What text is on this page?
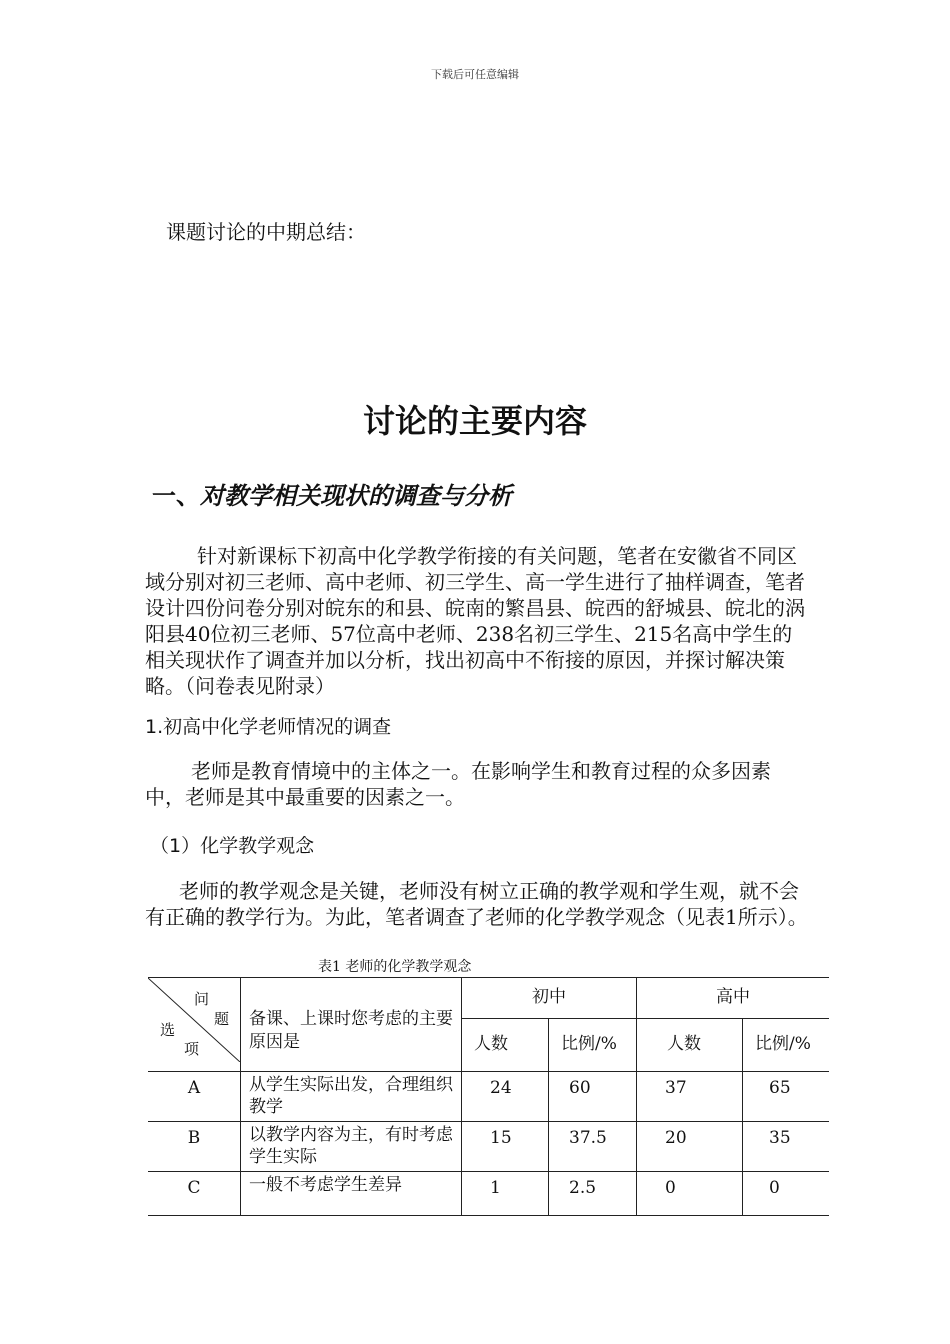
下载后可任意编辑
课题讨论的中期总结：
讨论的主要内容
一、对教学相关现状的调查与分析
针对新课标下初高中化学教学衔接的有关问题，笔者在安徽省不同区域分别对初三老师、高中老师、初三学生、高一学生进行了抽样调查，笔者设计四份问卷分别对皖东的和县、皖南的繁昌县、皖西的舒城县、皖北的涡阳县40位初三老师、57位高中老师、238名初三学生、215名高中学生的相关现状作了调查并加以分析，找出初高中不衔接的原因，并探讨解决策略。（问卷表见附录）
1.初高中化学老师情况的调查
老师是教育情境中的主体之一。在影响学生和教育过程的众多因素中，老师是其中最重要的因素之一。
（1）化学教学观念
老师的教学观念是关键，老师没有树立正确的教学观和学生观，就不会有正确的教学行为。为此，笔者调查了老师的化学教学观念（见表1所示）。
表1 老师的化学教学观念
问
题
选
项	备课、上课时您考虑的主要原因是	初中		高中	
		人数	比例/%	人数	比例/%
A	从学生实际出发，合理组织教学	24	60	37	65
B	以教学内容为主，有时考虑学生实际	15	37.5	20	35
C	一般不考虑学生差异	1	2.5	0	0
